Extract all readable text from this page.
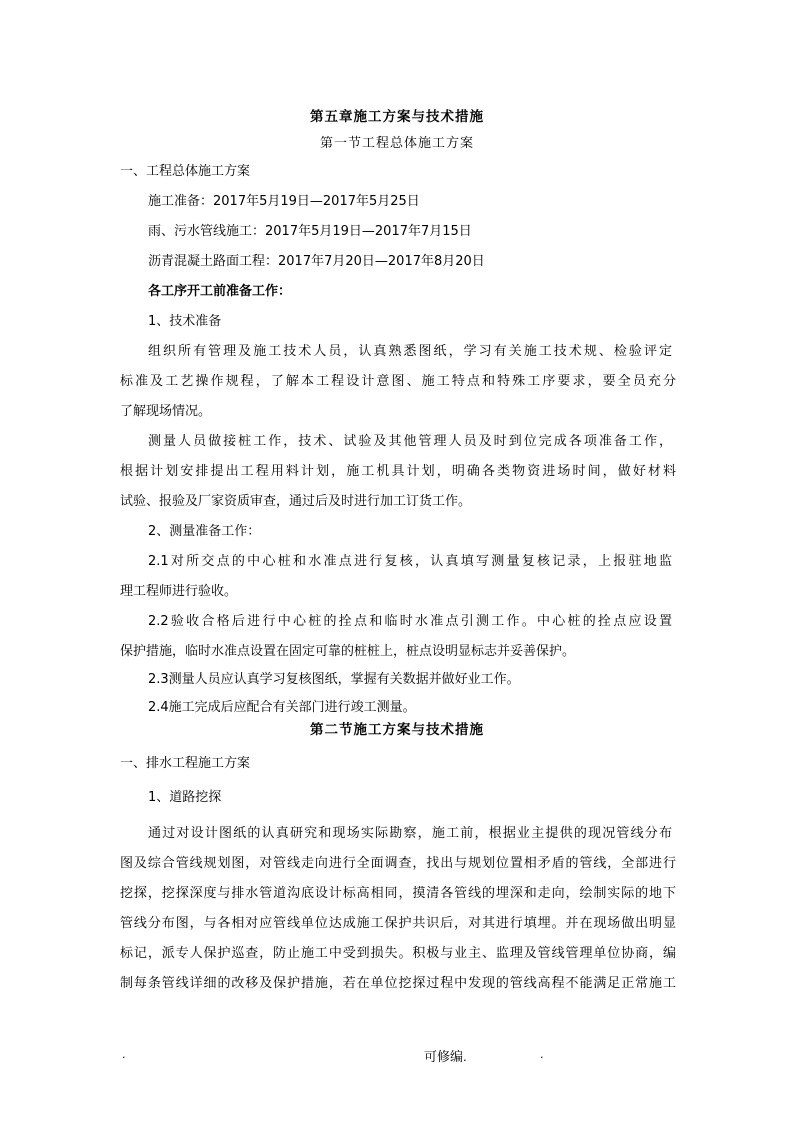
第五章施工方案与技术措施
第一节工程总体施工方案
一、工程总体施工方案
施工准备：2017年5月19日—2017年5月25日
雨、污水管线施工：2017年5月19日—2017年7月15日
沥青混凝土路面工程：2017年7月20日—2017年8月20日
各工序开工前准备工作：
1、技术准备
组织所有管理及施工技术人员，认真熟悉图纸，学习有关施工技术规、检验评定
标准及工艺操作规程，了解本工程设计意图、施工特点和特殊工序要求，要全员充分
了解现场情况。
测量人员做接桩工作，技术、试验及其他管理人员及时到位完成各项准备工作，
根据计划安排提出工程用料计划，施工机具计划，明确各类物资进场时间，做好材料
试验、报验及厂家资质审查，通过后及时进行加工订货工作。
2、测量准备工作：
2.1对所交点的中心桩和水准点进行复核，认真填写测量复核记录，上报驻地监
理工程师进行验收。
2.2验收合格后进行中心桩的拴点和临时水准点引测工作。中心桩的拴点应设置
保护措施，临时水准点设置在固定可靠的桩桩上，桩点设明显标志并妥善保护。
2.3测量人员应认真学习复核图纸，掌握有关数据并做好业工作。
2.4施工完成后应配合有关部门进行竣工测量。
第二节施工方案与技术措施
一、排水工程施工方案
1、道路挖探
通过对设计图纸的认真研究和现场实际勘察，施工前，根据业主提供的现况管线分布
图及综合管线规划图，对管线走向进行全面调查，找出与规划位置相矛盾的管线，全部进行
挖探，挖探深度与排水管道沟底设计标高相同，摸清各管线的埋深和走向，绘制实际的地下
管线分布图，与各相对应管线单位达成施工保护共识后，对其进行填埋。并在现场做出明显
标记，派专人保护巡查，防止施工中受到损失。积极与业主、监理及管线管理单位协商，编
制每条管线详细的改移及保护措施，若在单位挖探过程中发现的管线高程不能满足正常施工
.	可修编.	.
